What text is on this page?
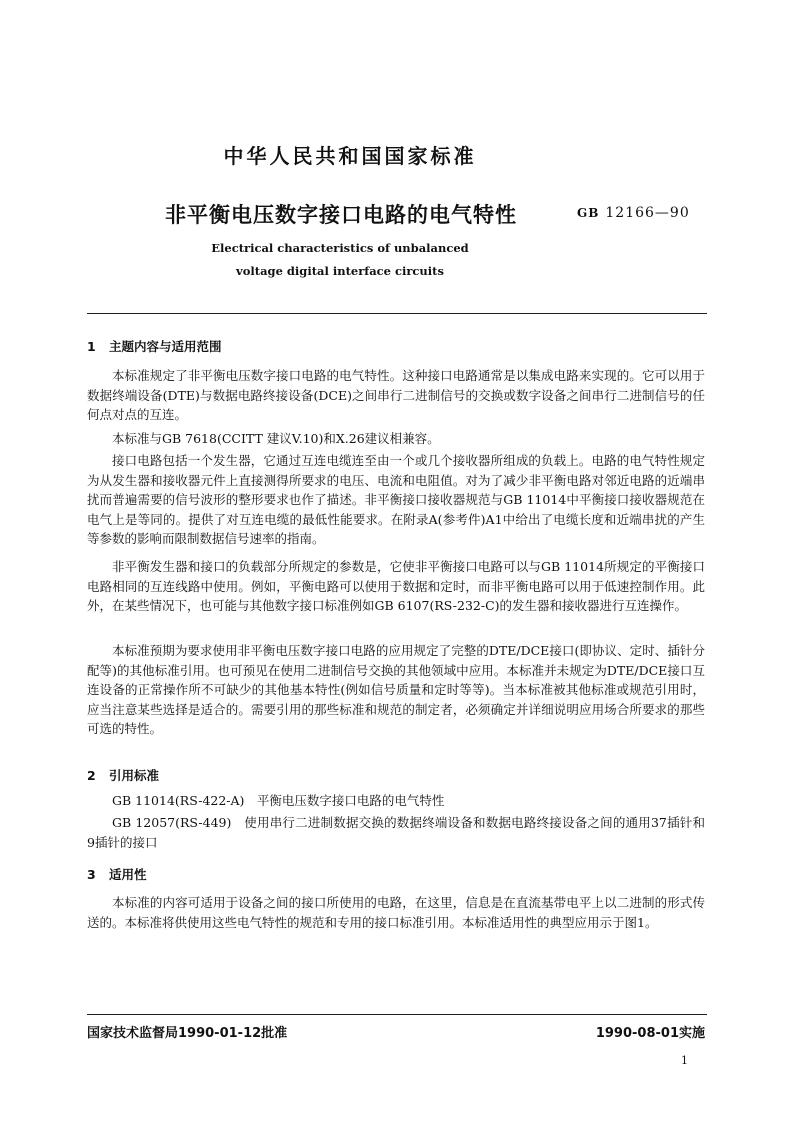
中华人民共和国国家标准
非平衡电压数字接口电路的电气特性	GB 12166—90
Electrical characteristics of unbalanced
voltage digital interface circuits
1 主题内容与适用范围

本标准规定了非平衡电压数字接口电路的电气特性。这种接口电路通常是以集成电路来实现的。它可以用于数据终端设备(DTE)与数据电路终接设备(DCE)之间串行二进制信号的交换或数字设备之间串行二进制信号的任何点对点的互连。

本标准与GB 7618(CCITT 建议V.10)和X.26建议相兼容。

接口电路包括一个发生器，它通过互连电缆连至由一个或几个接收器所组成的负载上。电路的电气特性规定为从发生器和接收器元件上直接测得所要求的电压、电流和电阻值。对为了减少非平衡电路对邻近电路的近端串扰而普遍需要的信号波形的整形要求也作了描述。非平衡接口接收器规范与GB 11014中平衡接口接收器规范在电气上是等同的。提供了对互连电缆的最低性能要求。在附录A(参考件)A1中给出了电缆长度和近端串扰的产生等参数的影响而限制数据信号速率的指南。

非平衡发生器和接口的负载部分所规定的参数是，它使非平衡接口电路可以与GB 11014所规定的平衡接口电路相同的互连线路中使用。例如，平衡电路可以使用于数据和定时，而非平衡电路可以用于低速控制作用。此外，在某些情况下，也可能与其他数字接口标准例如GB 6107(RS-232-C)的发生器和接收器进行互连操作。

本标准预期为要求使用非平衡电压数字接口电路的应用规定了完整的DTE/DCE接口(即协议、定时、插针分配等)的其他标准引用。也可预见在使用二进制信号交换的其他领域中应用。本标准并未规定为DTE/DCE接口互连设备的正常操作所不可缺少的其他基本特性(例如信号质量和定时等等)。当本标准被其他标准或规范引用时，应当注意某些选择是适合的。需要引用的那些标准和规范的制定者，必须确定并详细说明应用场合所要求的那些可选的特性。

2 引用标准

GB 11014(RS-422-A)　平衡电压数字接口电路的电气特性

GB 12057(RS-449)　使用串行二进制数据交换的数据终端设备和数据电路终接设备之间的通用37插针和9插针的接口

3 适用性

本标准的内容可适用于设备之间的接口所使用的电路，在这里，信息是在直流基带电平上以二进制的形式传送的。本标准将供使用这些电气特性的规范和专用的接口标准引用。本标准适用性的典型应用示于图1。

国家技术监督局1990-01-12批准	1990-08-01实施
1
